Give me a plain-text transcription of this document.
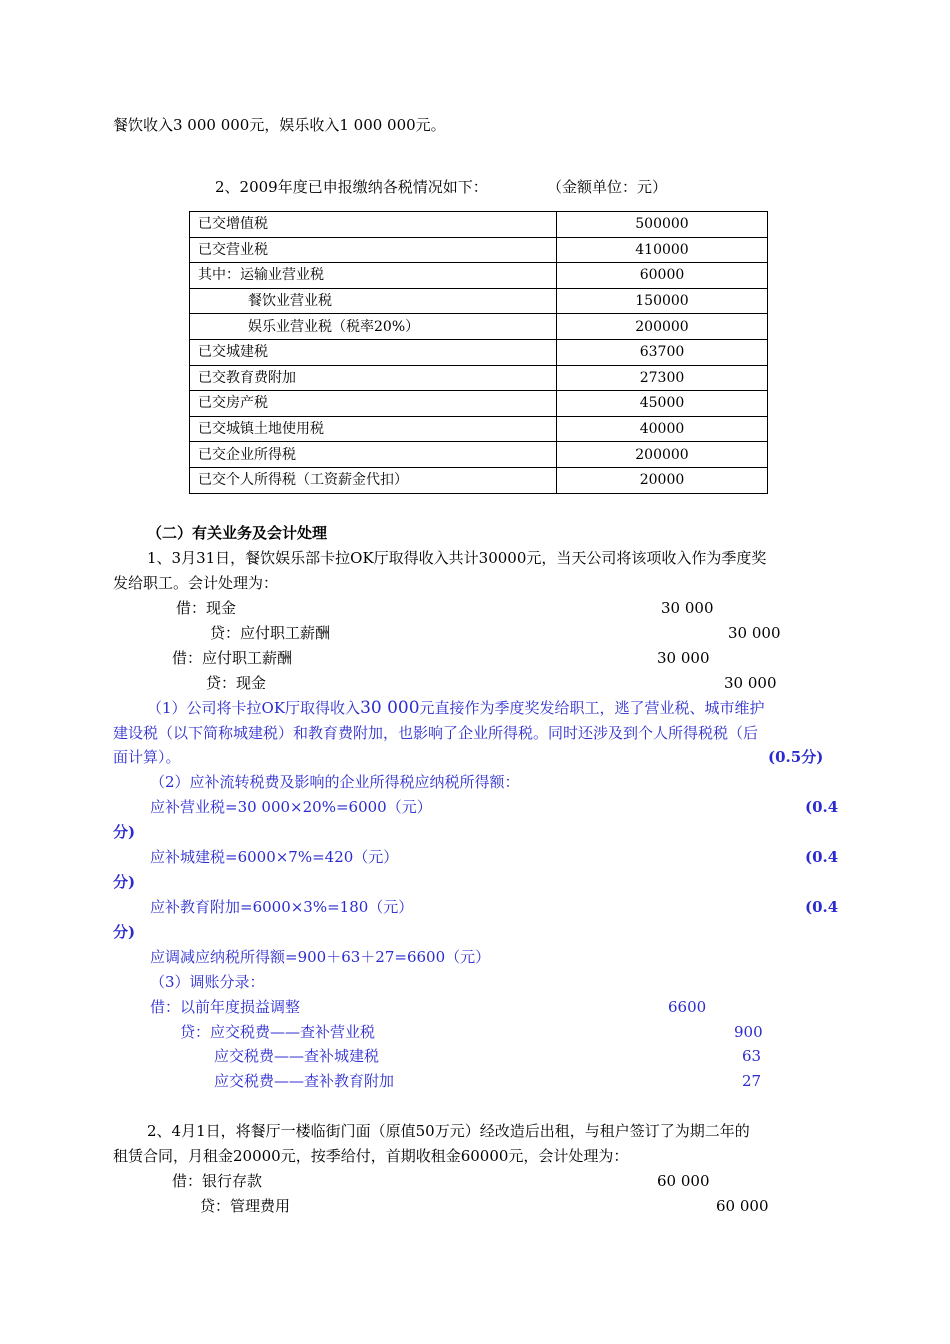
餐饮收入3 000 000元，娱乐收入1 000 000元。
2、2009年度已申报缴纳各税情况如下：	（金额单位：元）
已交增值税	500000
已交营业税	410000
其中：运输业营业税	60000
餐饮业营业税	150000
娱乐业营业税（税率20%）	200000
已交城建税	63700
已交教育费附加	27300
已交房产税	45000
已交城镇土地使用税	40000
已交企业所得税	200000
已交个人所得税（工资薪金代扣）	20000
（二）有关业务及会计处理
1、3月31日，餐饮娱乐部卡拉OK厅取得收入共计30000元，当天公司将该项收入作为季度奖
发给职工。会计处理为：
借：现金	30 000
贷：应付职工薪酬	30 000
借：应付职工薪酬	30 000
贷：现金	30 000
（1）公司将卡拉OK厅取得收入30 000元直接作为季度奖发给职工，逃了营业税、城市维护
建设税（以下简称城建税）和教育费附加，也影响了企业所得税。同时还涉及到个人所得税税（后
面计算）。	(0.5分)
（2）应补流转税费及影响的企业所得税应纳税所得额：
应补营业税=30 000×20%=6000（元）	(0.4
分)
应补城建税=6000×7%=420（元）	(0.4
分)
应补教育附加=6000×3%=180（元）	(0.4
分)
应调减应纳税所得额=900＋63＋27=6600（元）
（3）调账分录：
借：以前年度损益调整	6600
贷：应交税费——查补营业税	900
应交税费——查补城建税	63
应交税费——查补教育附加	27
2、4月1日，将餐厅一楼临街门面（原值50万元）经改造后出租，与租户签订了为期二年的
租赁合同，月租金20000元，按季给付，首期收租金60000元，会计处理为：
借：银行存款	60 000
贷：管理费用	60 000
